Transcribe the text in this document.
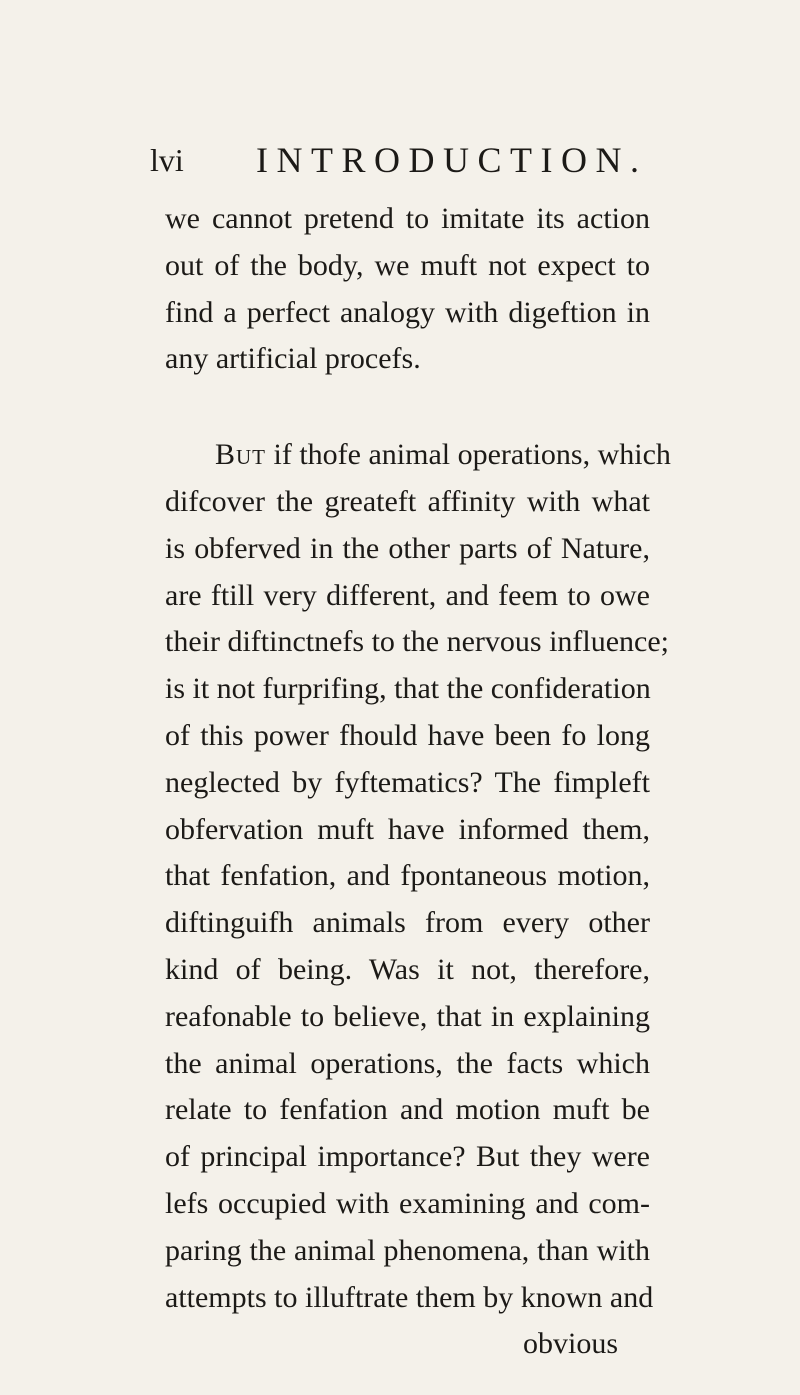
lvi INTRODUCTION.
we cannot pretend to imitate its action
out of the body, we muft not expect to
find a perfect analogy with digeftion in
any artificial procefs.
But if thofe animal operations, which
difcover the greateft affinity with what
is obferved in the other parts of Nature,
are ftill very different, and feem to owe
their diftinctnefs to the nervous influence;
is it not furprifing, that the confideration
of this power fhould have been fo long
neglected by fyftematics? The fimpleft
obfervation muft have informed them,
that fenfation, and fpontaneous motion,
diftinguifh animals from every other
kind of being. Was it not, therefore,
reafonable to believe, that in explaining
the animal operations, the facts which
relate to fenfation and motion muft be
of principal importance? But they were
lefs occupied with examining and com-
paring the animal phenomena, than with
attempts to illuftrate them by known and
obvious
